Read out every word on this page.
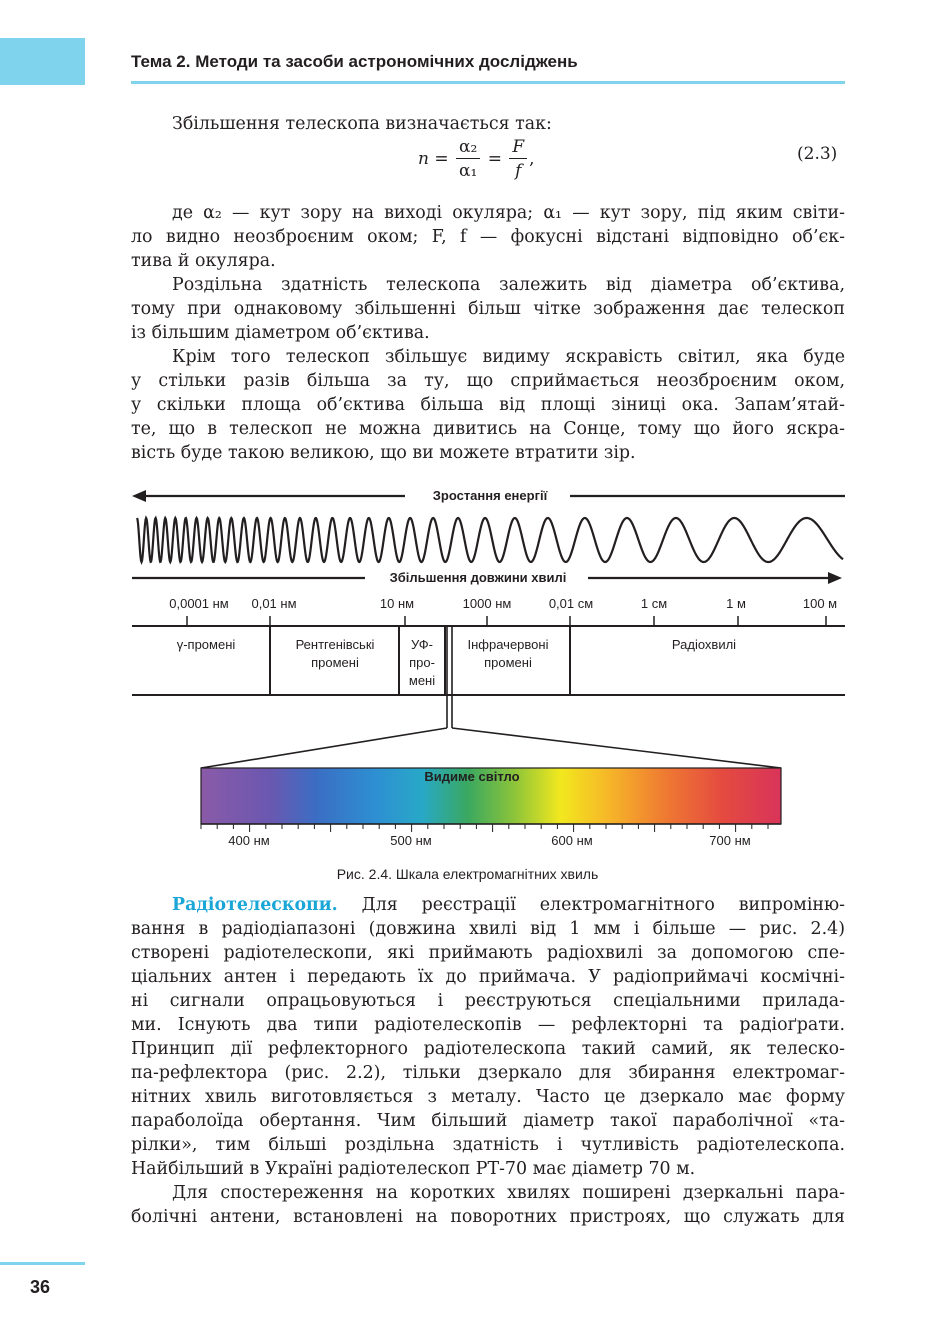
Тема 2. Методи та засоби астрономічних досліджень

Збільшення телескопа визначається так:

$n = \frac{\text{α₂}}{\text{α₁}} = \frac{F}{f}$ ,	(2.3)

де α₂ — кут зору на виході окуляра; α₁ — кут зору, під яким світи-

ло видно неозброєним оком; F, f — фокусні відстані відповідно об’єк-

тива й окуляра.

Роздільна здатність телескопа залежить від діаметра об’єктива,

тому при однаковому збільшенні більш чітке зображення дає телескоп

із більшим діаметром об’єктива.

Крім того телескоп збільшує видиму яскравість світил, яка буде

у стільки разів більша за ту, що сприймається неозброєним оком,

у скільки площа об’єктива більша від площі зіниці ока. Запам’ятай-

те, що в телескоп не можна дивитись на Сонце, тому що його яскра-

вість буде такою великою, що ви можете втратити зір.

Зростання енергії
Збільшення довжини хвилі
0,0001 нм 0,01 нм	10 нм	1000 нм	0,01 см	1 см	1 м	100 м
γ-промені	Рентгенівські
промені
УФ-
про-
мені
Інфрачервоні
промені
Радіохвилі
Видиме світло
400 нм	500 нм	600 нм	700 нм
Рис. 2.4. Шкала електромагнітних хвиль

Радіотелескопи. Для реєстрації електромагнітного випроміню-

вання в радіодіапазоні (довжина хвилі від 1 мм і більше — рис. 2.4)

створені радіотелескопи, які приймають радіохвилі за допомогою спе-

ціальних антен і передають їх до приймача. У радіоприймачі космічні-

ні сигнали опрацьовуються і реєструються спеціальними прилада-

ми. Існують два типи радіотелескопів — рефлекторні та радіоґрати.

Принцип дії рефлекторного радіотелескопа такий самий, як телеско-

па-рефлектора (рис. 2.2), тільки дзеркало для збирання електромаг-

нітних хвиль виготовляється з металу. Часто це дзеркало має форму

параболоїда обертання. Чим більший діаметр такої параболічної «та-

рілки», тим більші роздільна здатність і чутливість радіотелескопа.

Найбільший в Україні радіотелескоп РТ-70 має діаметр 70 м.

Для спостереження на коротких хвилях поширені дзеркальні пара-

болічні антени, встановлені на поворотних пристроях, що служать для

36
